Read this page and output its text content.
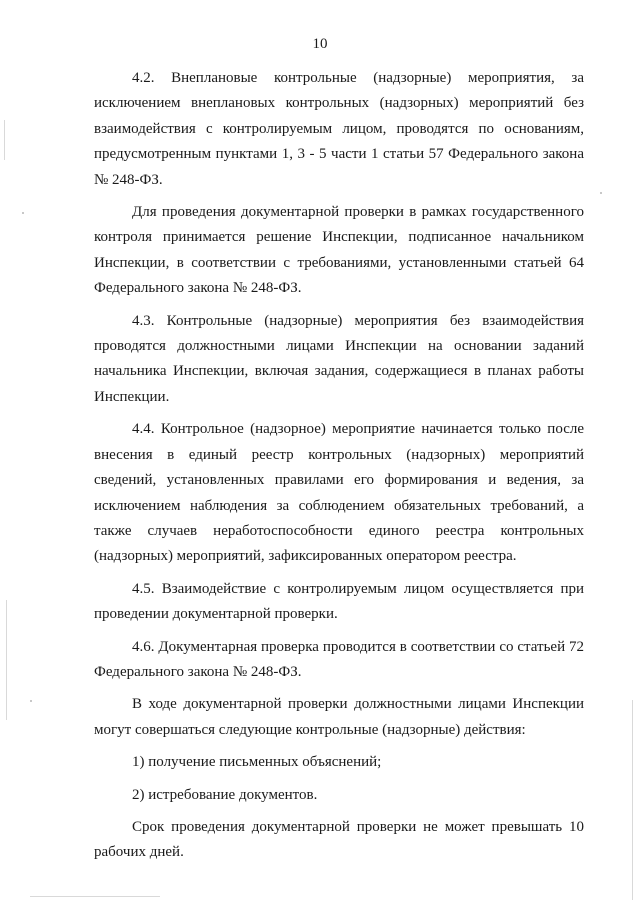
10

4.2. Внеплановые контрольные (надзорные) мероприятия, за исключением внеплановых контрольных (надзорных) мероприятий без взаимодействия с контролируемым лицом, проводятся по основаниям, предусмотренным пунктами 1, 3 - 5 части 1 статьи 57 Федерального закона № 248-ФЗ.

Для проведения документарной проверки в рамках государственного контроля принимается решение Инспекции, подписанное начальником Инспекции, в соответствии с требованиями, установленными статьей 64 Федерального закона № 248-ФЗ.

4.3. Контрольные (надзорные) мероприятия без взаимодействия проводятся должностными лицами Инспекции на основании заданий начальника Инспекции, включая задания, содержащиеся в планах работы Инспекции.

4.4. Контрольное (надзорное) мероприятие начинается только после внесения в единый реестр контрольных (надзорных) мероприятий сведений, установленных правилами его формирования и ведения, за исключением наблюдения за соблюдением обязательных требований, а также случаев неработоспособности единого реестра контрольных (надзорных) мероприятий, зафиксированных оператором реестра.

4.5. Взаимодействие с контролируемым лицом осуществляется при проведении документарной проверки.

4.6. Документарная проверка проводится в соответствии со статьей 72 Федерального закона № 248-ФЗ.

В ходе документарной проверки должностными лицами Инспекции могут совершаться следующие контрольные (надзорные) действия:

1) получение письменных объяснений;

2) истребование документов.

Срок проведения документарной проверки не может превышать 10 рабочих дней.
